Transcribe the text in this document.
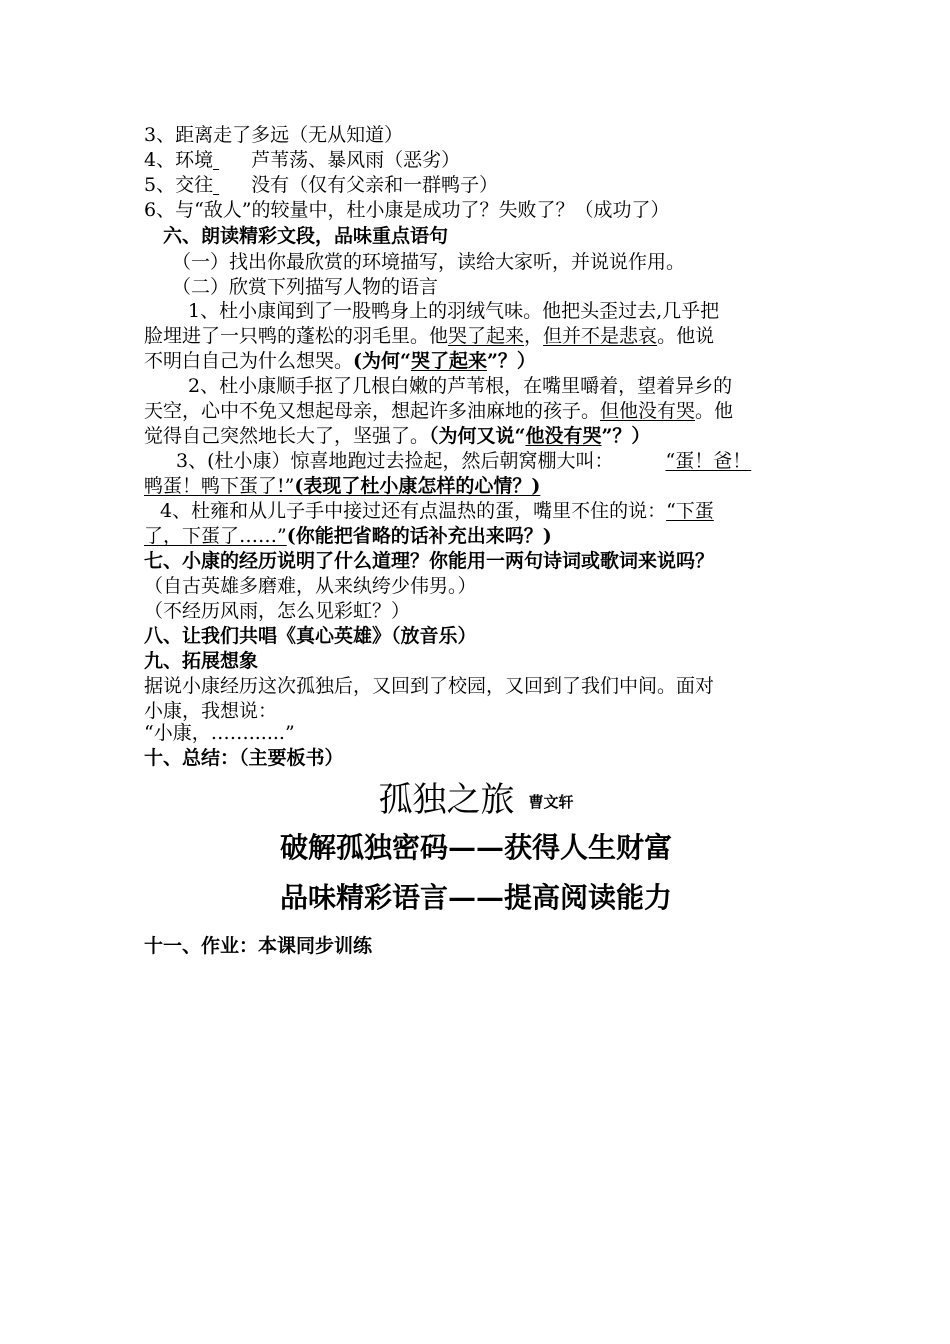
3、距离走了多远（无从知道）
4、环境 芦苇荡、暴风雨（恶劣）
5、交往 没有（仅有父亲和一群鸭子）
6、与“敌人”的较量中，杜小康是成功了？失败了？（成功了）
六、朗读精彩文段，品味重点语句
（一）找出你最欣赏的环境描写，读给大家听，并说说作用。
（二）欣赏下列描写人物的语言
1、杜小康闻到了一股鸭身上的羽绒气味。他把头歪过去,几乎把
脸埋进了一只鸭的蓬松的羽毛里。他哭了起来，但并不是悲哀。他说
不明白自己为什么想哭。(为何“哭了起来”？）
2、杜小康顺手抠了几根白嫩的芦苇根，在嘴里嚼着，望着异乡的
天空，心中不免又想起母亲，想起许多油麻地的孩子。但他没有哭。他
觉得自己突然地长大了，坚强了。（为何又说“他没有哭”？）
3、(杜小康）惊喜地跑过去捡起，然后朝窝棚大叫：	“蛋！爸！
鸭蛋！鸭下蛋了!”(表现了杜小康怎样的心情？)
4、杜雍和从儿子手中接过还有点温热的蛋，嘴里不住的说：“下蛋
了，下蛋了……”(你能把省略的话补充出来吗？)
七、小康的经历说明了什么道理？你能用一两句诗词或歌词来说吗？
（自古英雄多磨难，从来纨绔少伟男。）
（不经历风雨，怎么见彩虹？）
八、让我们共唱《真心英雄》（放音乐）
九、拓展想象
据说小康经历这次孤独后，又回到了校园，又回到了我们中间。面对
小康，我想说：
“小康，……......”
十、总结：（主要板书）
孤独之旅 $^{曹文轩}$
破解孤独密码——获得人生财富
品味精彩语言——提高阅读能力
十一、作业：本课同步训练
